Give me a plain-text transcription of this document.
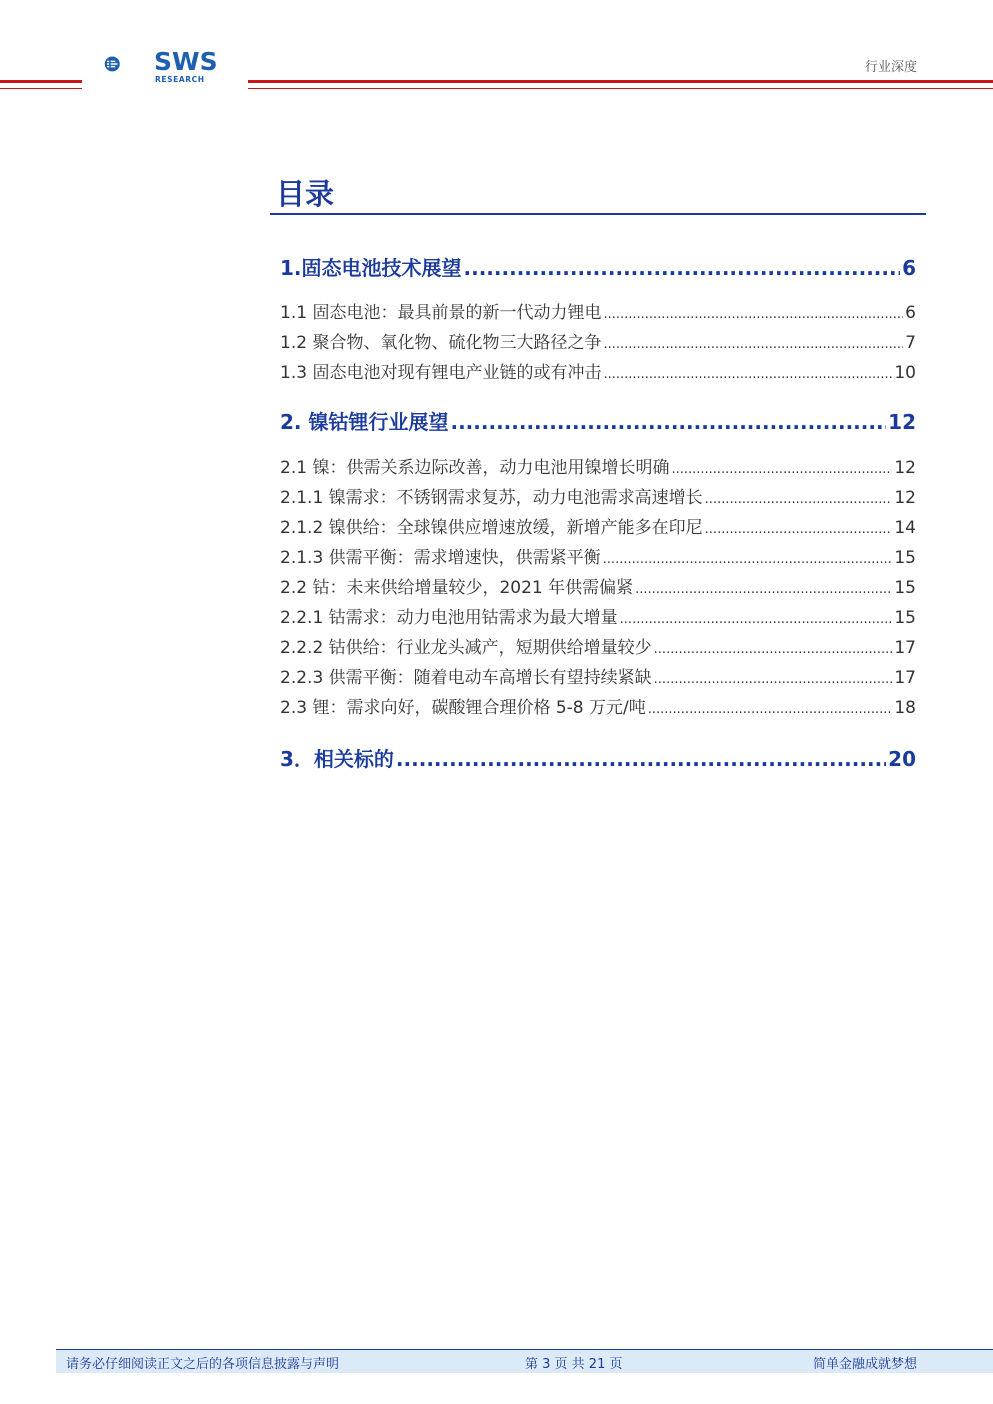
SWS
RESEARCH
行业深度
目录
1.固态电池技术展望 .....	6
1.1 固态电池：最具前景的新一代动力锂电 .....	6
1.2 聚合物、氧化物、硫化物三大路径之争 .....	7
1.3 固态电池对现有锂电产业链的或有冲击 .....	10
2. 镍钴锂行业展望 .....	12
2.1 镍：供需关系边际改善，动力电池用镍增长明确 .....	12
2.1.1 镍需求：不锈钢需求复苏，动力电池需求高速增长 .....	12
2.1.2 镍供给：全球镍供应增速放缓，新增产能多在印尼 .....	14
2.1.3 供需平衡：需求增速快，供需紧平衡 .....	15
2.2 钴：未来供给增量较少，2021 年供需偏紧 .....	15
2.2.1 钴需求：动力电池用钴需求为最大增量 .....	15
2.2.2 钴供给：行业龙头减产，短期供给增量较少 .....	17
2.2.3 供需平衡：随着电动车高增长有望持续紧缺 .....	17
2.3 锂：需求向好，碳酸锂合理价格 5-8 万元/吨 .....	18
3．相关标的 .....	20
请务必仔细阅读正文之后的各项信息披露与声明	第 3 页 共 21 页	简单金融成就梦想
